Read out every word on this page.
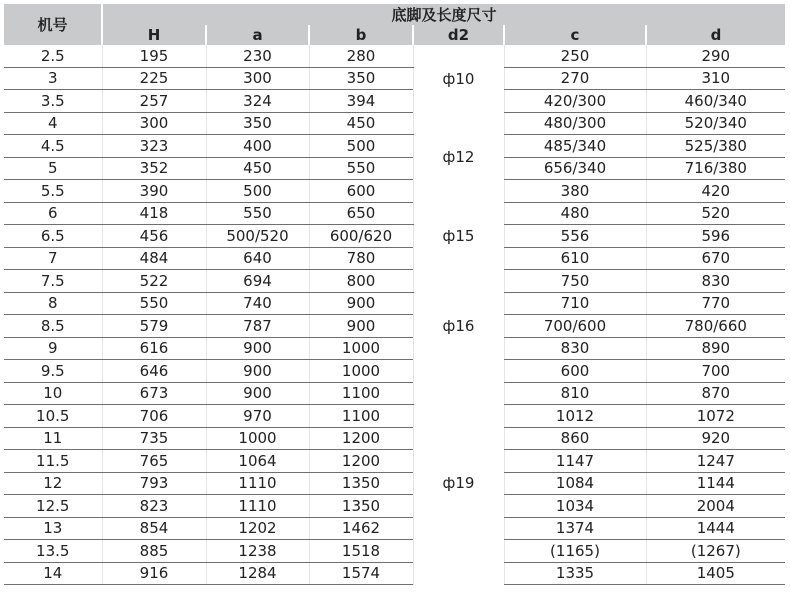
机号	底脚及长度尺寸					
	H	a	b	d2	c	d
2.5	195	230	280	ф10	250	290
3	225	300	350		270	310
3.5	257	324	394		420/300	460/340
4	300	350	450	ф12	480/300	520/340
4.5	323	400	500		485/340	525/380
5	352	450	550		656/340	716/380
5.5	390	500	600		380	420
6	418	550	650	ф15	480	520
6.5	456	500/520	600/620		556	596
7	484	640	780		610	670
7.5	522	694	800	ф16	750	830
8	550	740	900		710	770
8.5	579	787	900		700/600	780/660
9	616	900	1000		830	890
9.5	646	900	1000		600	700
10	673	900	1100	ф19	810	870
10.5	706	970	1100		1012	1072
11	735	1000	1200		860	920
11.5	765	1064	1200		1147	1247
12	793	1110	1350		1084	1144
12.5	823	1110	1350		1034	2004
13	854	1202	1462		1374	1444
13.5	885	1238	1518		(1165)	(1267)
14	916	1284	1574		1335	1405
